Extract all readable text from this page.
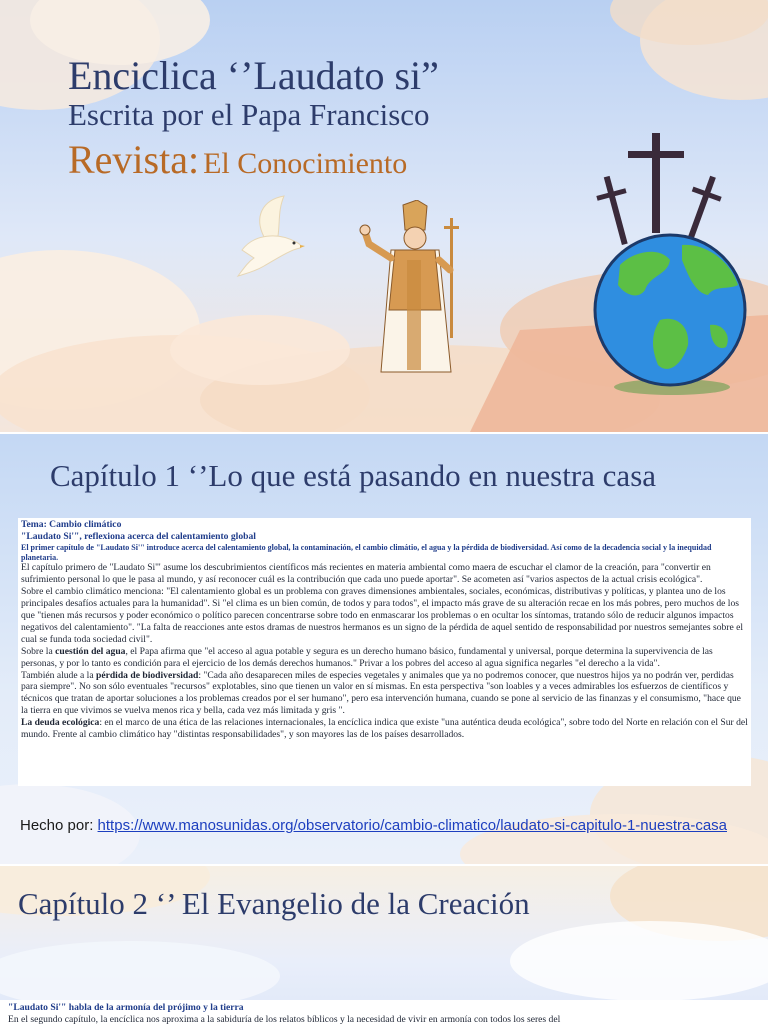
Enciclica ‘’Laudato si”
Escrita por el Papa Francisco
Revista: El Conocimiento
Capítulo 1 ‘’Lo que está pasando en nuestra casa

Tema: Cambio climático

"Laudato Si'", reflexiona acerca del calentamiento global

El primer capítulo de "Laudato Si'" introduce acerca del calentamiento global, la contaminación, el cambio climátio, el agua y la pérdida de biodiversidad. Así como de la decadencia social y la inequidad planetaria.

El capítulo primero de "Laudato Si'" asume los descubrimientos científicos más recientes en materia ambiental como maera de escuchar el clamor de la creación, para "convertir en sufrimiento personal lo que le pasa al mundo, y así reconocer cuál es la contribución que cada uno puede aportar". Se acometen así "varios aspectos de la actual crisis ecológica".

Sobre el cambio climático menciona: "El calentamiento global es un problema con graves dimensiones ambientales, sociales, económicas, distributivas y políticas, y plantea uno de los principales desafíos actuales para la humanidad". Si "el clima es un bien común, de todos y para todos", el impacto más grave de su alteración recae en los más pobres, pero muchos de los que "tienen más recursos y poder económico o político parecen concentrarse sobre todo en enmascarar los problemas o en ocultar los síntomas, tratando sólo de reducir algunos impactos negativos del calentamiento". "La falta de reacciones ante estos dramas de nuestros hermanos es un signo de la pérdida de aquel sentido de responsabilidad por nuestros semejantes sobre el cual se funda toda sociedad civil".

Sobre la cuestión del agua, el Papa afirma que "el acceso al agua potable y segura es un derecho humano básico, fundamental y universal, porque determina la supervivencia de las personas, y por lo tanto es condición para el ejercicio de los demás derechos humanos." Privar a los pobres del acceso al agua significa negarles "el derecho a la vida".

También alude a la pérdida de biodiversidad: "Cada año desaparecen miles de especies vegetales y animales que ya no podremos conocer, que nuestros hijos ya no podrán ver, perdidas para siempre". No son sólo eventuales "recursos" explotables, sino que tienen un valor en sí mismas. En esta perspectiva "son loables y a veces admirables los esfuerzos de científicos y técnicos que tratan de aportar soluciones a los problemas creados por el ser humano", pero esa intervención humana, cuando se pone al servicio de las finanzas y el consumismo, "hace que la tierra en que vivimos se vuelva menos rica y bella, cada vez más limitada y gris ".

La deuda ecológica: en el marco de una ética de las relaciones internacionales, la encíclica indica que existe "una auténtica deuda ecológica", sobre todo del Norte en relación con el Sur del mundo. Frente al cambio climático hay "distintas responsabilidades", y son mayores las de los países desarrollados.

Hecho por: https://www.manosunidas.org/observatorio/cambio-climatico/laudato-si-capitulo-1-nuestra-casa
Capítulo 2 ‘’ El Evangelio de la Creación

"Laudato Si'" habla de la armonía del prójimo y la tierra

En el segundo capítulo, la encíclica nos aproxima a la sabiduría de los relatos bíblicos y la necesidad de vivir en armonía con todos los seres del
